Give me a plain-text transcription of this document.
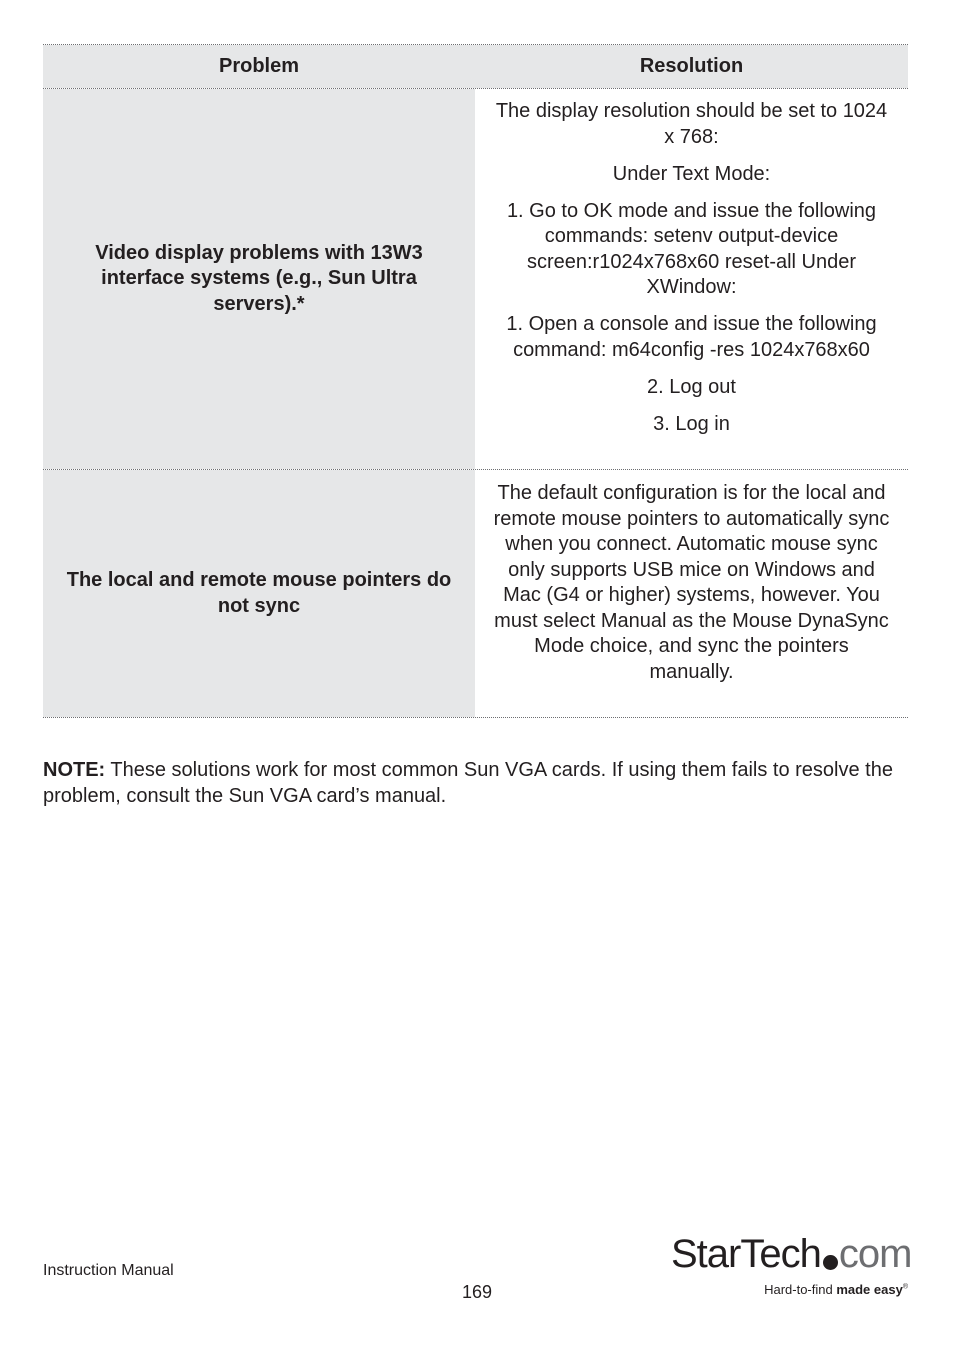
Problem	Resolution
Video display problems with 13W3 interface systems (e.g., Sun Ultra servers).*

The display resolution should be set to 1024 x 768:

Under Text Mode:

1. Go to OK mode and issue the following commands: setenv output-device screen:r1024x768x60 reset-all Under XWindow:

1. Open a console and issue the following command: m64config -res 1024x768x60

2. Log out

3. Log in

The local and remote mouse pointers do not sync

The default configuration is for the local and remote mouse pointers to automatically sync when you connect. Automatic mouse sync only supports USB mice on Windows and Mac (G4 or higher) systems, however. You must select Manual as the Mouse DynaSync Mode choice, and sync the pointers manually.

NOTE: These solutions work for most common Sun VGA cards. If using them fails to resolve the problem, consult the Sun VGA card’s manual.
Instruction Manual
169
StarTech com
Hard-to-find made easy®
